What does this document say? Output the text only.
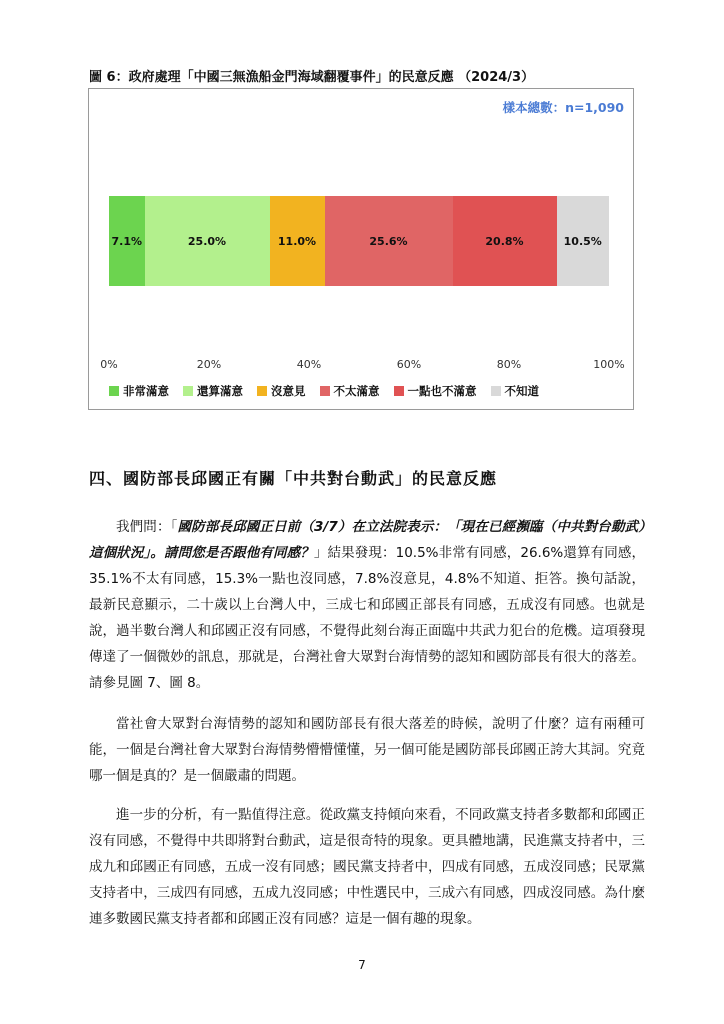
圖 6：政府處理「中國三無漁船金門海域翻覆事件」的民意反應 （2024/3）
樣本總數：n=1,090
7.1%	25.0%	11.0%	25.6%	20.8%	10.5%
0%	20%	40%	60%	80%	100%
非常滿意 還算滿意 沒意見 不太滿意 一點也不滿意 不知道
四、國防部長邱國正有關「中共對台動武」的民意反應

我們問：「國防部長邱國正日前（3/7）在立法院表示：「現在已經瀕臨（中共對台動武）這個狀況」。請問您是否跟他有同感？」結果發現：10.5%非常有同感，26.6%還算有同感，35.1%不太有同感，15.3%一點也沒同感，7.8%沒意見，4.8%不知道、拒答。換句話說，最新民意顯示，二十歲以上台灣人中，三成七和邱國正部長有同感，五成沒有同感。也就是說，過半數台灣人和邱國正沒有同感，不覺得此刻台海正面臨中共武力犯台的危機。這項發現傳達了一個微妙的訊息，那就是，台灣社會大眾對台海情勢的認知和國防部長有很大的落差。請參見圖 7、圖 8。

當社會大眾對台海情勢的認知和國防部長有很大落差的時候，說明了什麼？這有兩種可能，一個是台灣社會大眾對台海情勢懵懵懂懂，另一個可能是國防部長邱國正誇大其詞。究竟哪一個是真的？是一個嚴肅的問題。

進一步的分析，有一點值得注意。從政黨支持傾向來看，不同政黨支持者多數都和邱國正沒有同感，不覺得中共即將對台動武，這是很奇特的現象。更具體地講，民進黨支持者中，三成九和邱國正有同感，五成一沒有同感；國民黨支持者中，四成有同感，五成沒同感；民眾黨支持者中，三成四有同感，五成九沒同感；中性選民中，三成六有同感，四成沒同感。為什麼連多數國民黨支持者都和邱國正沒有同感？這是一個有趣的現象。

7
